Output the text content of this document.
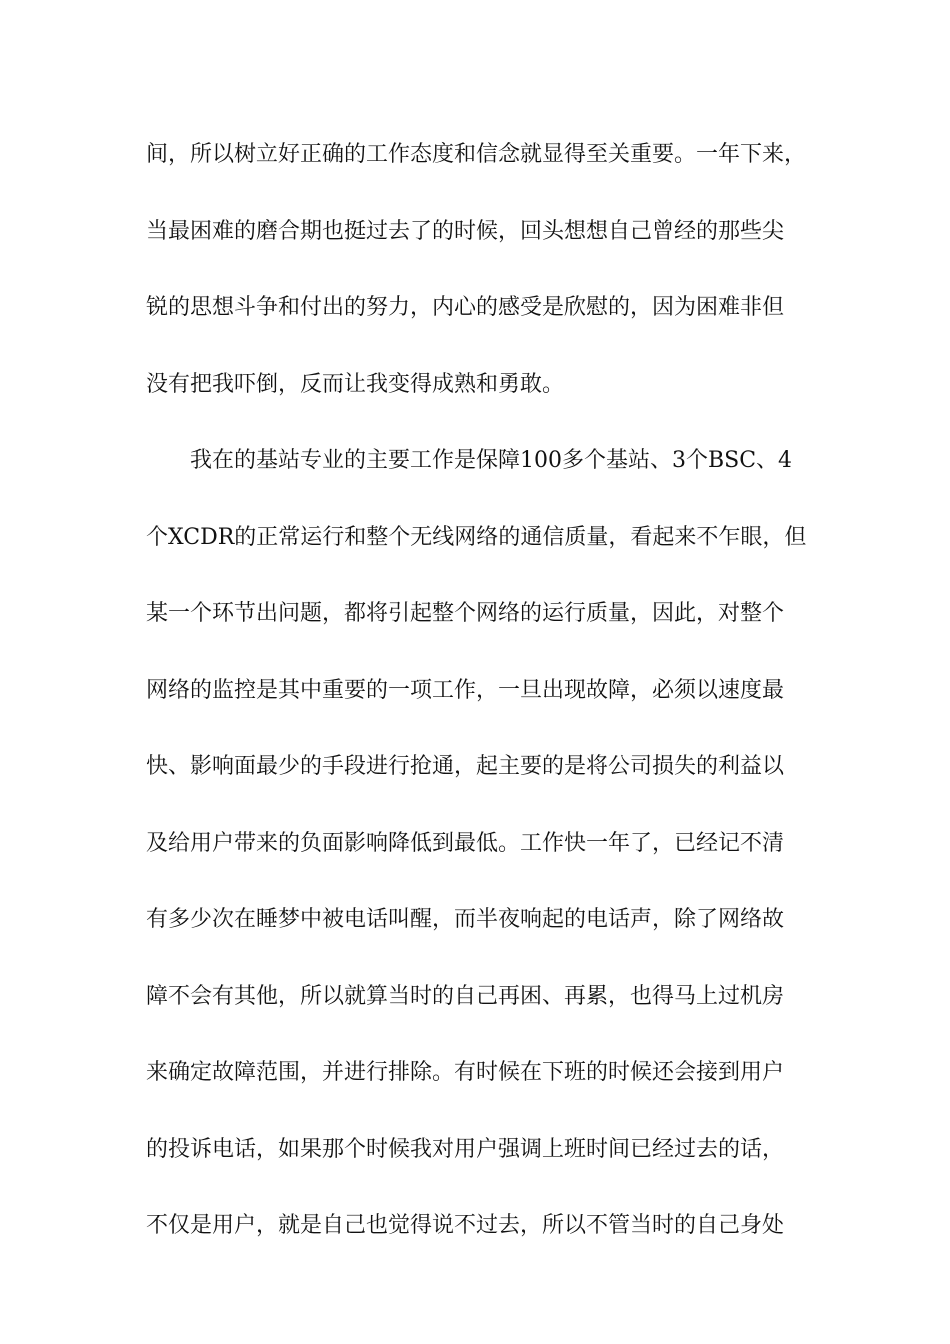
间，所以树立好正确的工作态度和信念就显得至关重要。一年下来，
当最困难的磨合期也挺过去了的时候，回头想想自己曾经的那些尖
锐的思想斗争和付出的努力，内心的感受是欣慰的，因为困难非但
没有把我吓倒，反而让我变得成熟和勇敢。
我在的基站专业的主要工作是保障100多个基站、3个BSC、4
个XCDR的正常运行和整个无线网络的通信质量，看起来不乍眼，但
某一个环节出问题，都将引起整个网络的运行质量，因此，对整个
网络的监控是其中重要的一项工作，一旦出现故障，必须以速度最
快、影响面最少的手段进行抢通，起主要的是将公司损失的利益以
及给用户带来的负面影响降低到最低。工作快一年了，已经记不清
有多少次在睡梦中被电话叫醒，而半夜响起的电话声，除了网络故
障不会有其他，所以就算当时的自己再困、再累，也得马上过机房
来确定故障范围，并进行排除。有时候在下班的时候还会接到用户
的投诉电话，如果那个时候我对用户强调上班时间已经过去的话，
不仅是用户，就是自己也觉得说不过去，所以不管当时的自己身处
